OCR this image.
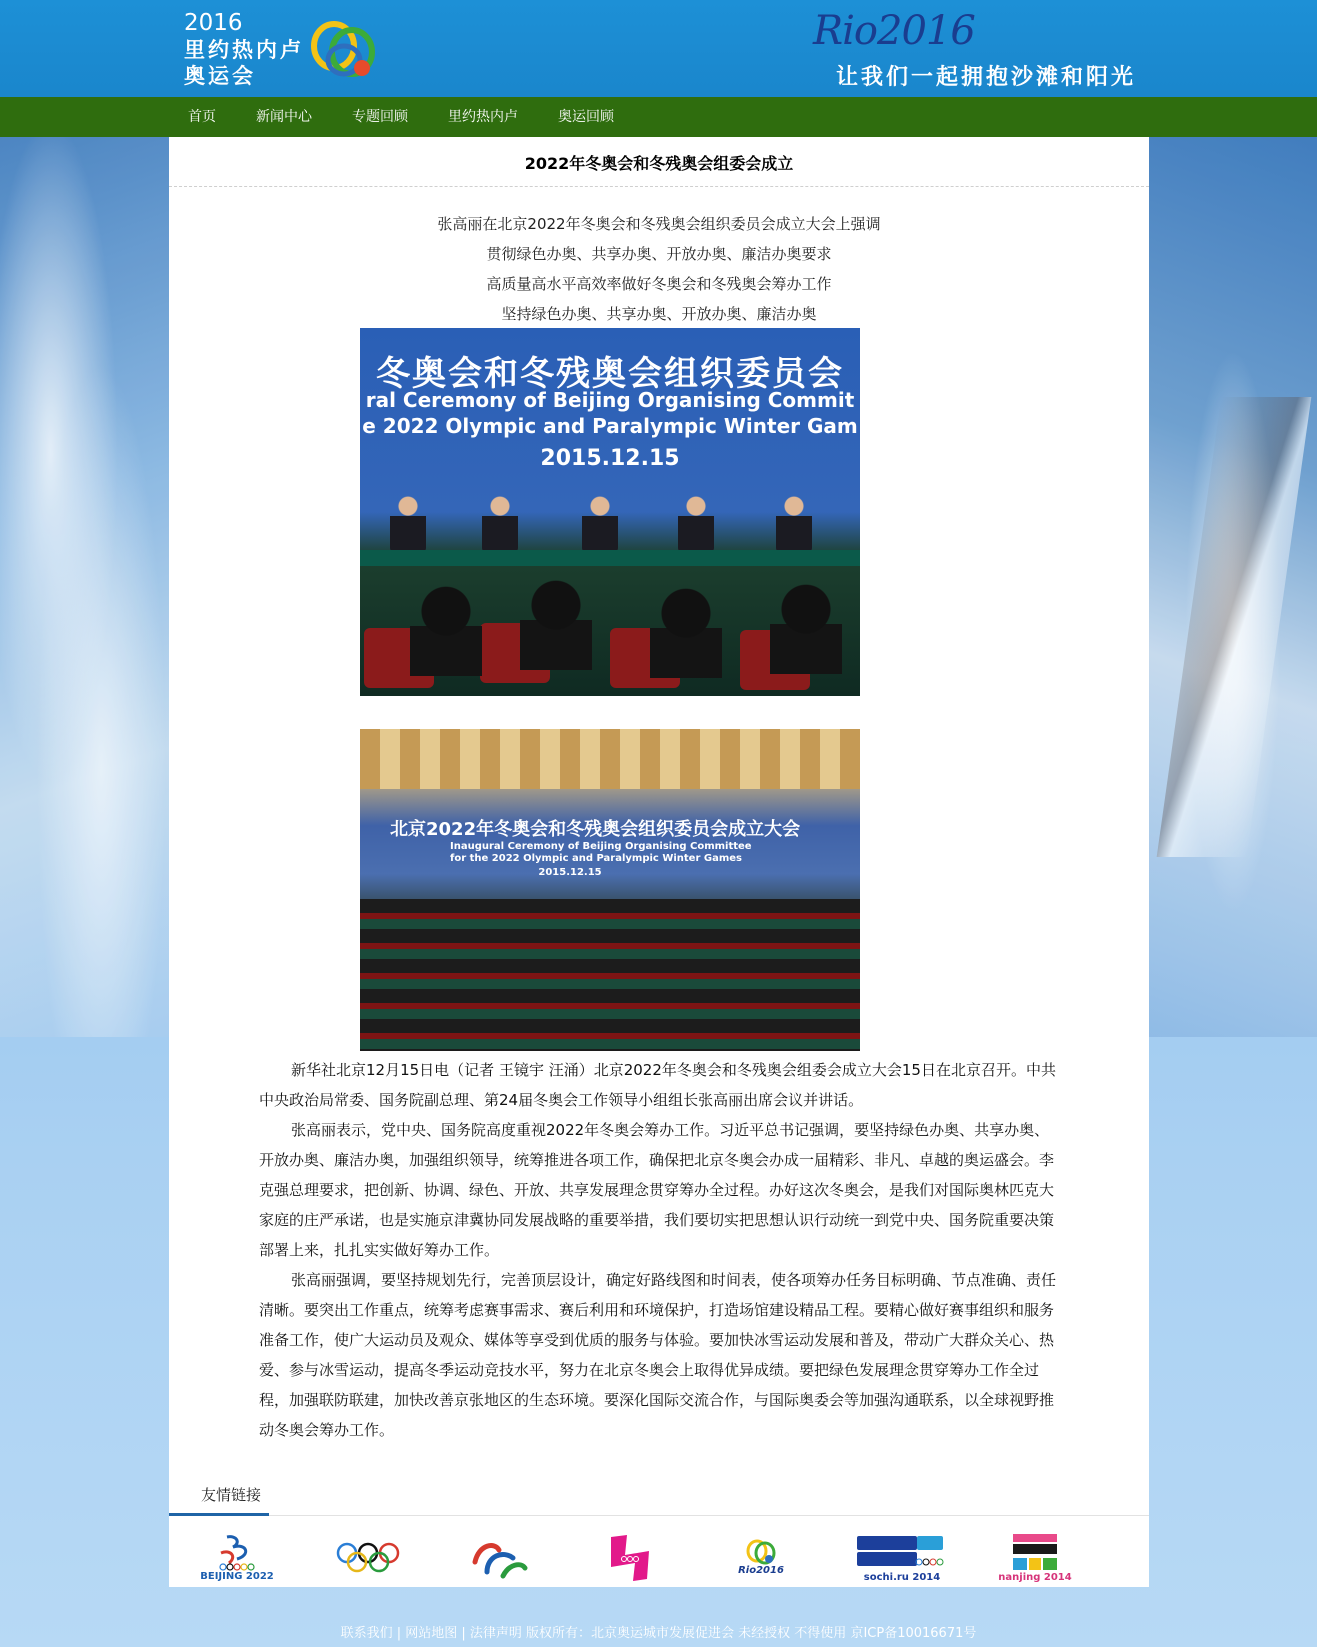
2016
里约热内卢
奥运会
Rio2016
让我们一起拥抱沙滩和阳光
首页	新闻中心	专题回顾	里约热内卢	奥运回顾
2022年冬奥会和冬残奥会组委会成立
张高丽在北京2022年冬奥会和冬残奥会组织委员会成立大会上强调
贯彻绿色办奥、共享办奥、开放办奥、廉洁办奥要求
高质量高水平高效率做好冬奥会和冬残奥会筹办工作
坚持绿色办奥、共享办奥、开放办奥、廉洁办奥
冬奥会和冬残奥会组织委员会
ral Ceremony of Beijing Organising Commit
e 2022 Olympic and Paralympic Winter Gam
2015.12.15
北京2022年冬奥会和冬残奥会组织委员会成立大会
Inaugural Ceremony of Beijing Organising Committee
for the 2022 Olympic and Paralympic Winter Games
2015.12.15
新华社北京12月15日电（记者 王镜宇 汪涌）北京2022年冬奥会和冬残奥会组委会成立大会15日在北京召开。中共中央政治局常委、国务院副总理、第24届冬奥会工作领导小组组长张高丽出席会议并讲话。
张高丽表示，党中央、国务院高度重视2022年冬奥会筹办工作。习近平总书记强调，要坚持绿色办奥、共享办奥、开放办奥、廉洁办奥，加强组织领导，统筹推进各项工作，确保把北京冬奥会办成一届精彩、非凡、卓越的奥运盛会。李克强总理要求，把创新、协调、绿色、开放、共享发展理念贯穿筹办全过程。办好这次冬奥会，是我们对国际奥林匹克大家庭的庄严承诺，也是实施京津冀协同发展战略的重要举措，我们要切实把思想认识行动统一到党中央、国务院重要决策部署上来，扎扎实实做好筹办工作。
张高丽强调，要坚持规划先行，完善顶层设计，确定好路线图和时间表，使各项筹办任务目标明确、节点准确、责任清晰。要突出工作重点，统筹考虑赛事需求、赛后利用和环境保护，打造场馆建设精品工程。要精心做好赛事组织和服务准备工作，使广大运动员及观众、媒体等享受到优质的服务与体验。要加快冰雪运动发展和普及，带动广大群众关心、热爱、参与冰雪运动，提高冬季运动竞技水平，努力在北京冬奥会上取得优异成绩。要把绿色发展理念贯穿筹办工作全过程，加强联防联建，加快改善京张地区的生态环境。要深化国际交流合作，与国际奥委会等加强沟通联系，以全球视野推动冬奥会筹办工作。
友情链接
BEIJING 2022
Rio2016
sochi.ru 2014	nanjing 2014
联系我们 | 网站地图 | 法律声明 版权所有：北京奥运城市发展促进会 未经授权 不得使用 京ICP备10016671号
